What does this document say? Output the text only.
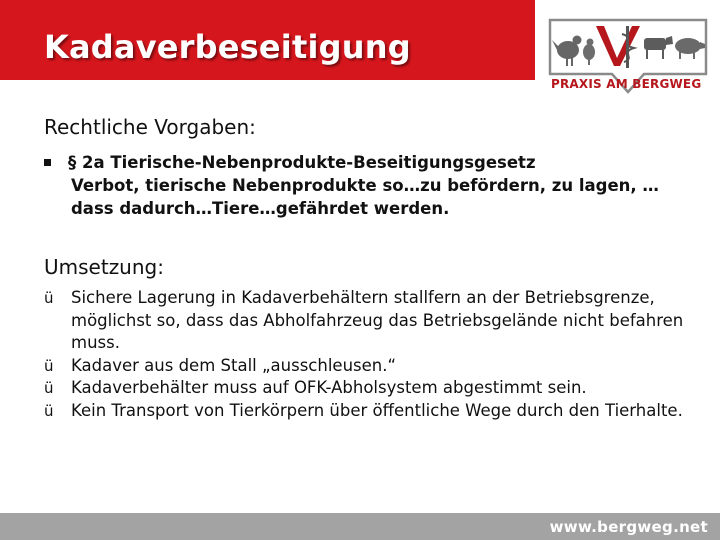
Kadaverbeseitigung
PRAXIS AM BERGWEG
Rechtliche Vorgaben:
§ 2a Tierische-Nebenprodukte-Beseitigungsgesetz
Verbot, tierische Nebenprodukte so…zu befördern, zu lagen, …dass dadurch…Tiere…gefährdet werden.
Umsetzung:
ü	Sichere Lagerung in Kadaverbehältern stallfern an der Betriebsgrenze, möglichst so, dass das Abholfahrzeug das Betriebsgelände nicht befahren muss.
ü	Kadaver aus dem Stall „ausschleusen.“
ü	Kadaverbehälter muss auf OFK-Abholsystem abgestimmt sein.
ü	Kein Transport von Tierkörpern über öffentliche Wege durch den Tierhalte.
www.bergweg.net
